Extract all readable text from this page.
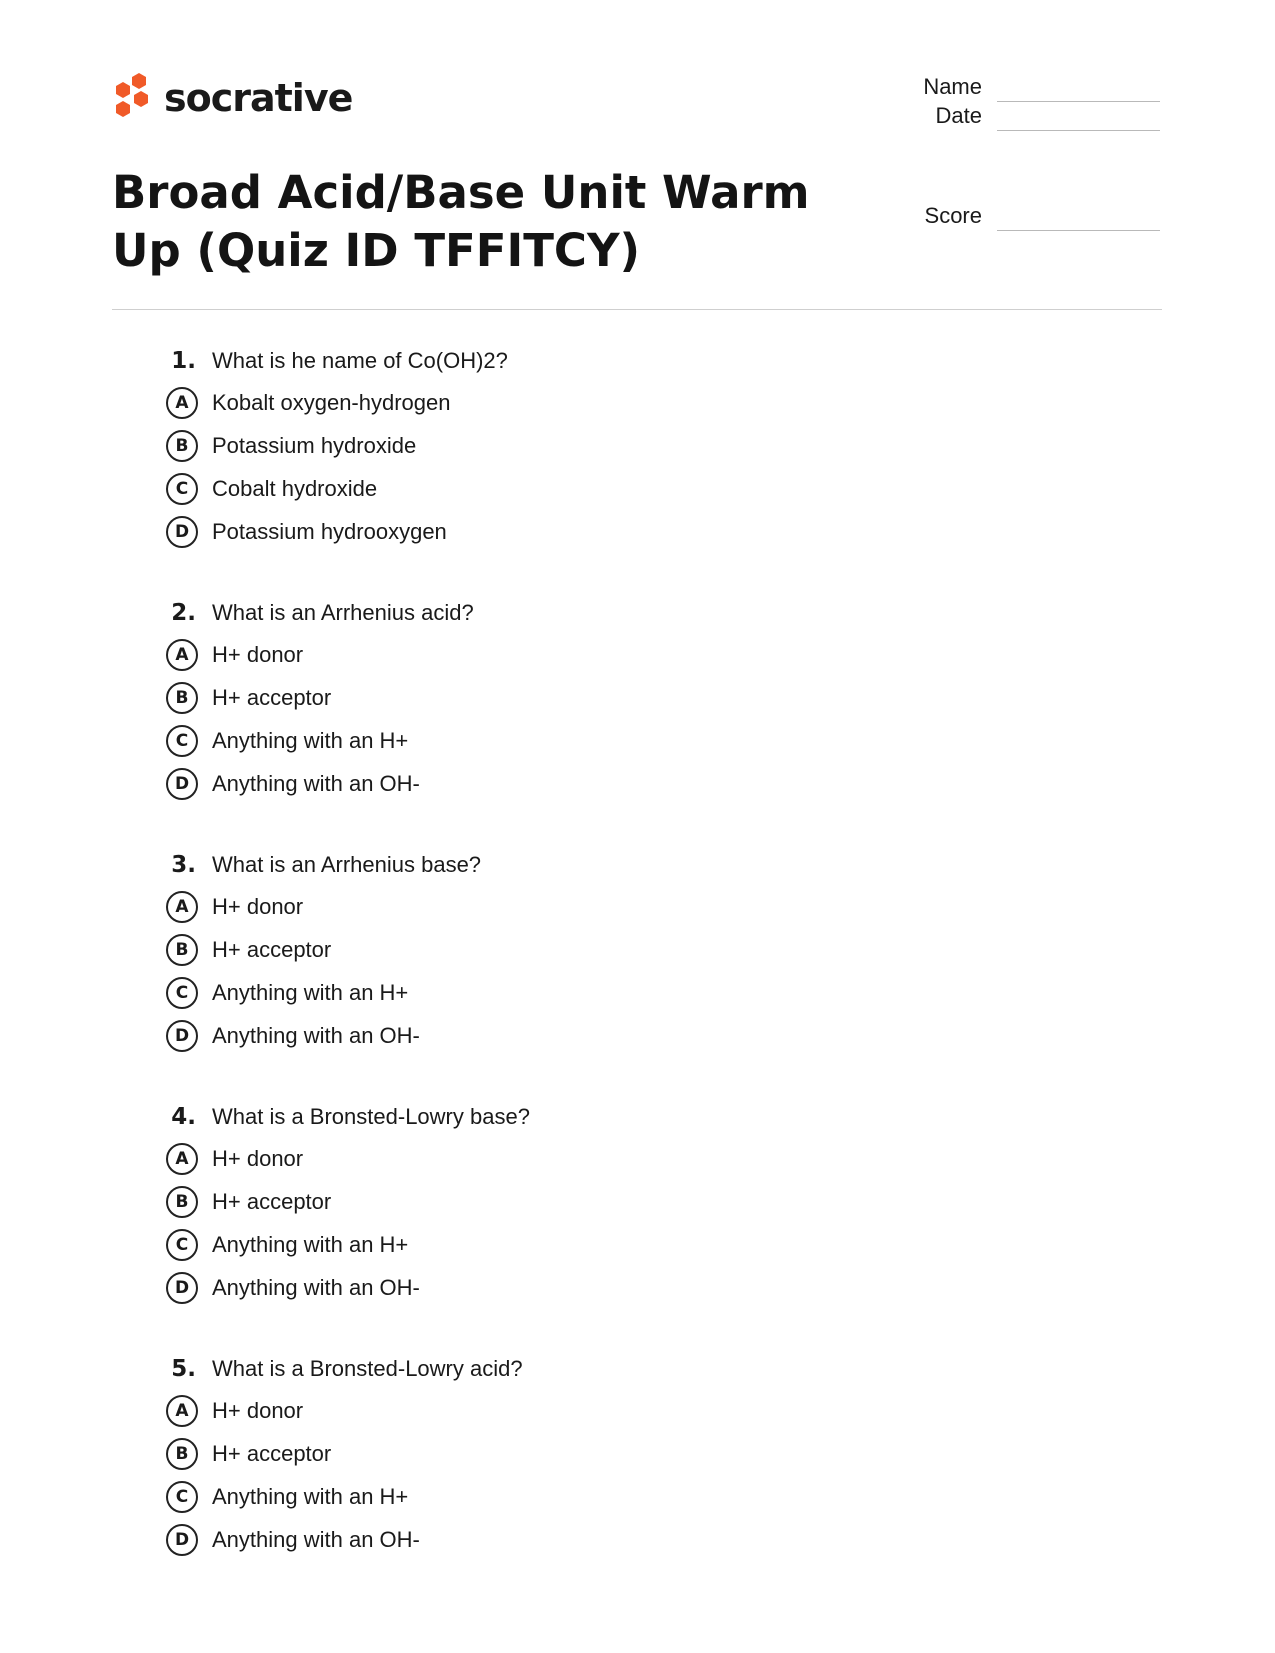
socrative
Broad Acid/Base Unit Warm Up (Quiz ID TFFITCY)
Name
Date
Score
1. What is he name of Co(OH)2?
A	Kobalt oxygen-hydrogen
B	Potassium hydroxide
C	Cobalt hydroxide
D	Potassium hydrooxygen
2. What is an Arrhenius acid?
A	H+ donor
B	H+ acceptor
C	Anything with an H+
D	Anything with an OH-
3. What is an Arrhenius base?
A	H+ donor
B	H+ acceptor
C	Anything with an H+
D	Anything with an OH-
4. What is a Bronsted-Lowry base?
A	H+ donor
B	H+ acceptor
C	Anything with an H+
D	Anything with an OH-
5. What is a Bronsted-Lowry acid?
A	H+ donor
B	H+ acceptor
C	Anything with an H+
D	Anything with an OH-
